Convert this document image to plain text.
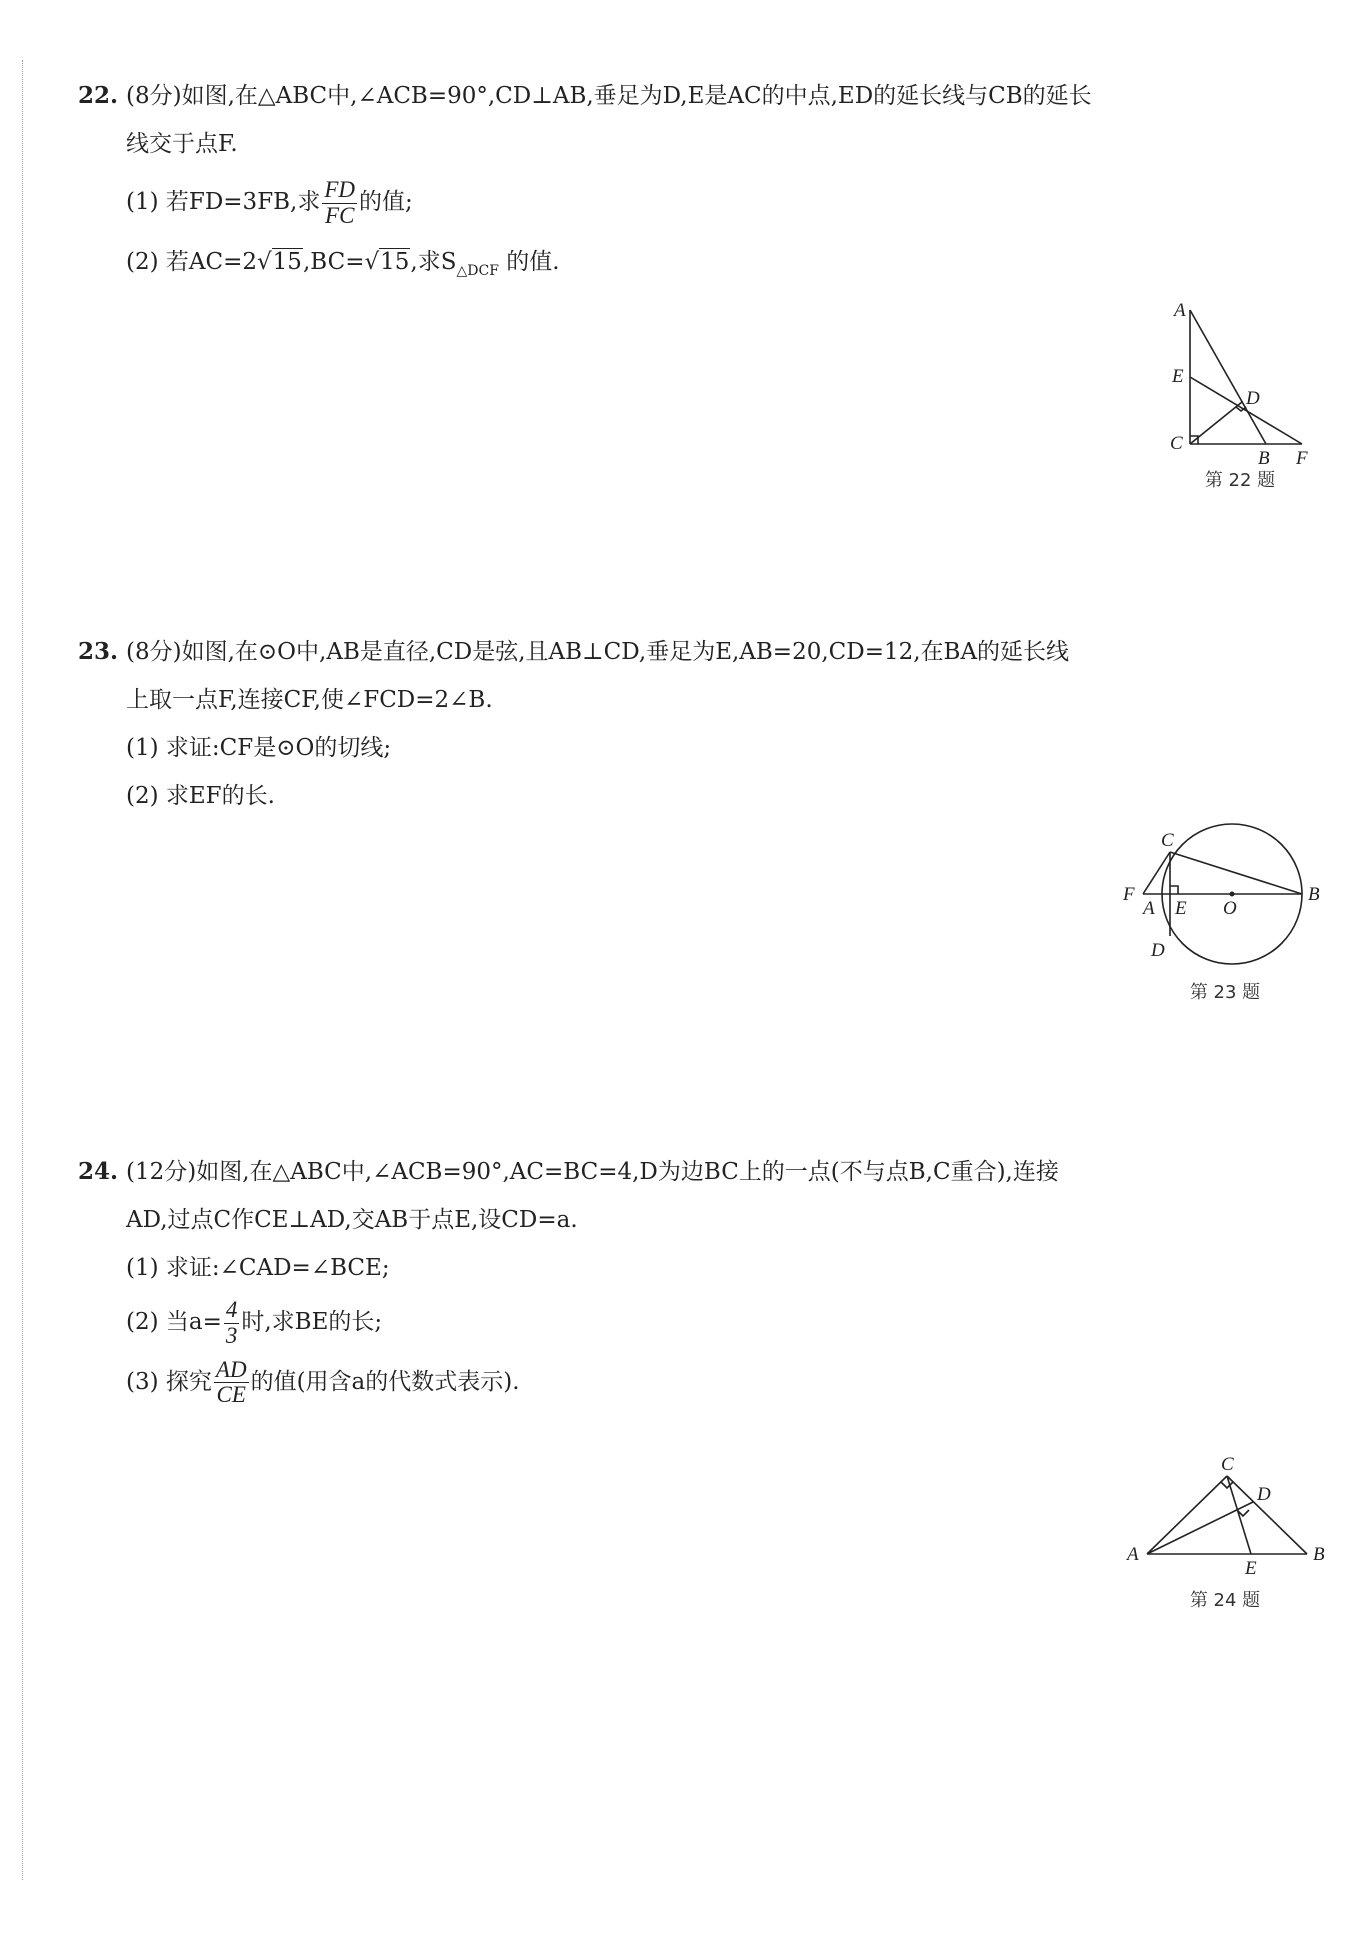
22. (8分)如图,在△ABC中,∠ACB=90°,CD⊥AB,垂足为D,E是AC的中点,ED的延长线与CB的延长
线交于点F.
(1) 若FD=3FB,求 $\frac{FD}{FC}$ 的值;
(2) 若AC=2√15,BC=√15,求$S_{\triangle DCF}$ 的值.
A
E
D
C
B F
第 22 题
23. (8分)如图,在⊙O中,AB是直径,CD是弦,且AB⊥CD,垂足为E,AB=20,CD=12,在BA的延长线
上取一点F,连接CF,使∠FCD=2∠B.
(1) 求证:CF是⊙O的切线;
(2) 求EF的长.
C
F
A E O
B
D
第 23 题
24. (12分)如图,在△ABC中,∠ACB=90°,AC=BC=4,D为边BC上的一点(不与点B,C重合),连接
AD,过点C作CE⊥AD,交AB于点E,设CD=a.
(1) 求证:∠CAD=∠BCE;
(2) 当$a= \frac{4}{3}$ 时,求BE的长;
(3) 探究 $\frac{AD}{CE}$ 的值(用含a的代数式表示).
C
D
A
E
B
第 24 题
